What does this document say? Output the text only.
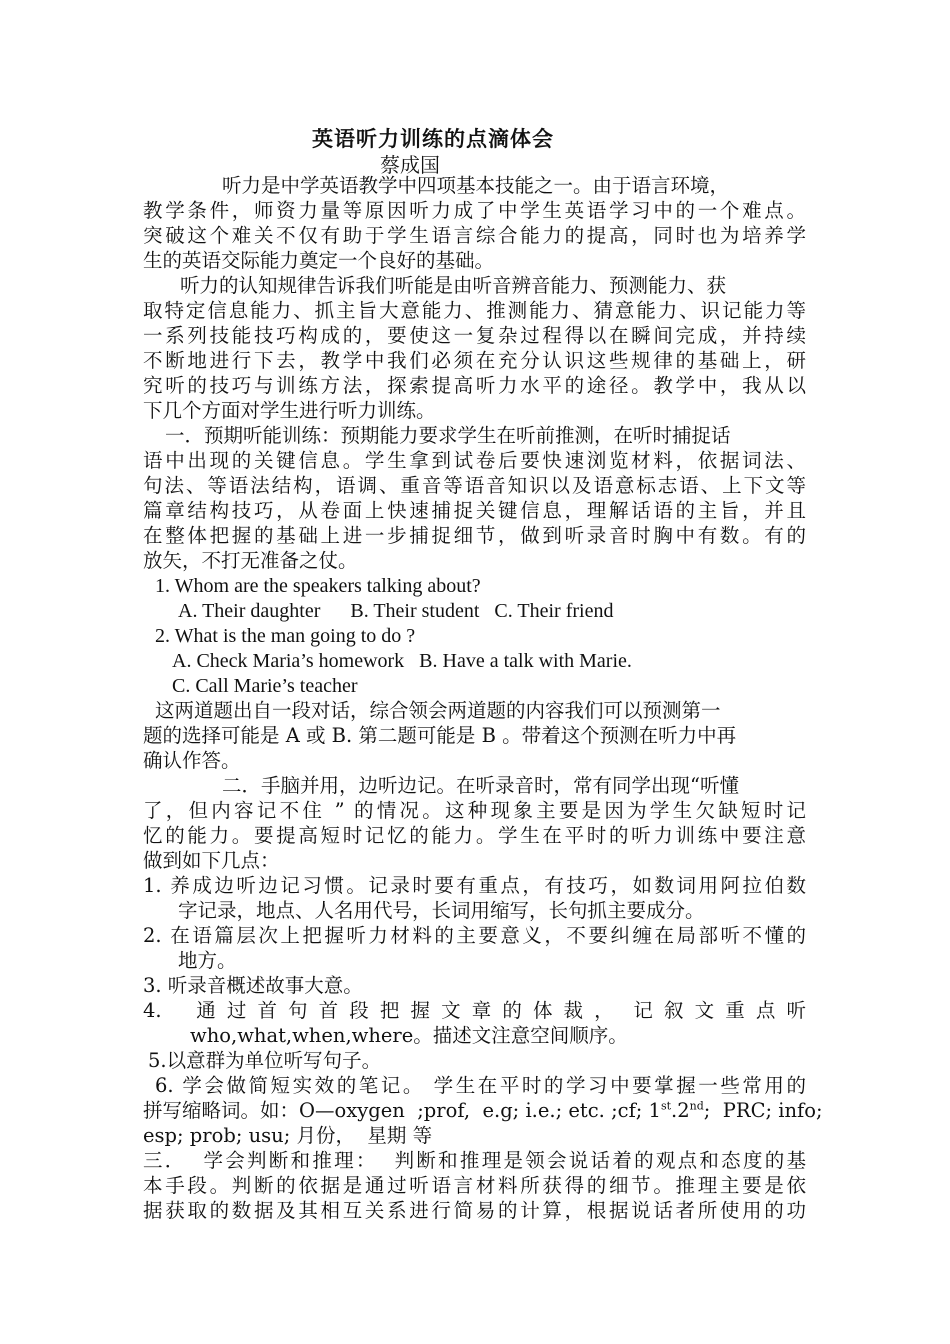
英语听力训练的点滴体会
蔡成国
听力是中学英语教学中四项基本技能之一。由于语言环境，
教学条件，师资力量等原因听力成了中学生英语学习中的一个难点。
突破这个难关不仅有助于学生语言综合能力的提高，同时也为培养学
生的英语交际能力奠定一个良好的基础。
听力的认知规律告诉我们听能是由听音辨音能力、预测能力、获
取特定信息能力、抓主旨大意能力、推测能力、猜意能力、识记能力等
一系列技能技巧构成的，要使这一复杂过程得以在瞬间完成，并持续
不断地进行下去，教学中我们必须在充分认识这些规律的基础上，研
究听的技巧与训练方法，探索提高听力水平的途径。教学中，我从以
下几个方面对学生进行听力训练。
一．预期听能训练：预期能力要求学生在听前推测，在听时捕捉话
语中出现的关键信息。学生拿到试卷后要快速浏览材料，依据词法、
句法、等语法结构，语调、重音等语音知识以及语意标志语、上下文等
篇章结构技巧，从卷面上快速捕捉关键信息，理解话语的主旨，并且
在整体把握的基础上进一步捕捉细节，做到听录音时胸中有数。有的
放矢，不打无准备之仗。
1. Whom are the speakers talking about?
A. Their daughter      B. Their student   C. Their friend
2. What is the man going to do ?
A. Check Maria’s homework   B. Have a talk with Marie.
C. Call Marie’s teacher
这两道题出自一段对话，综合领会两道题的内容我们可以预测第一
题的选择可能是 A 或 B. 第二题可能是 B 。带着这个预测在听力中再
确认作答。
二．手脑并用，边听边记。在听录音时，常有同学出现“听懂
了，但内容记不住 ” 的情况。这种现象主要是因为学生欠缺短时记
忆的能力。要提高短时记忆的能力。学生在平时的听力训练中要注意
做到如下几点：
1. 养成边听边记习惯。记录时要有重点，有技巧，如数词用阿拉伯数
字记录，地点、人名用代号，长词用缩写，长句抓主要成分。
2. 在语篇层次上把握听力材料的主要意义，不要纠缠在局部听不懂的
地方。
3. 听录音概述故事大意。
4.    通 过 首 句 首 段 把 握 文 章 的 体 裁 ，  记 叙 文 重 点 听
who,what,when,where。描述文注意空间顺序。
5.以意群为单位听写句子。
6. 学会做简短实效的笔记。 学生在平时的学习中要掌握一些常用的
拼写缩略词。如：O—oxygen  ;prof,  e.g; i.e.; etc. ;cf; 1st.2nd;  PRC; info;
esp; prob; usu; 月份，  星期 等
三．  学会判断和推理：  判断和推理是领会说话着的观点和态度的基
本手段。判断的依据是通过听语言材料所获得的细节。推理主要是依
据获取的数据及其相互关系进行简易的计算，根据说话者所使用的功
